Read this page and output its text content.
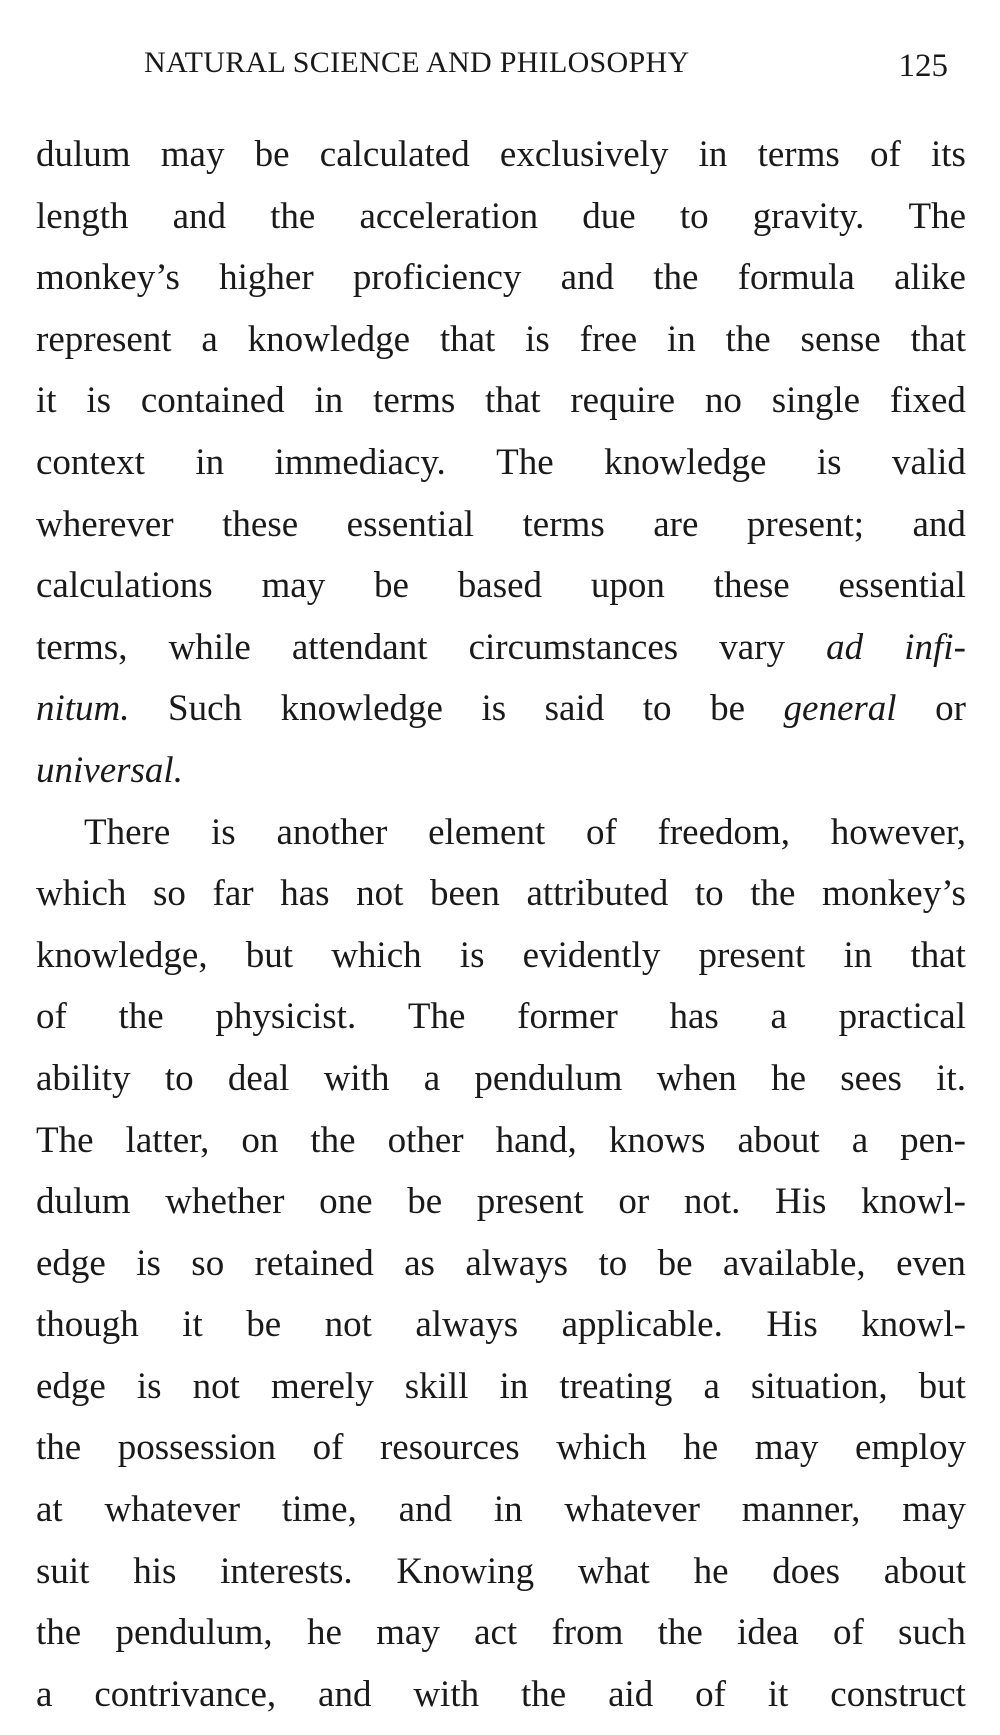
NATURAL SCIENCE AND PHILOSOPHY	125
dulum may be calculated exclusively in terms of its
length and the acceleration due to gravity. The
monkey’s higher proficiency and the formula alike
represent a knowledge that is free in the sense that
it is contained in terms that require no single fixed
context in immediacy. The knowledge is valid
wherever these essential terms are present; and
calculations may be based upon these essential
terms, while attendant circumstances vary ad infi-
nitum. Such knowledge is said to be general or
universal.
There is another element of freedom, however,
which so far has not been attributed to the monkey’s
knowledge, but which is evidently present in that
of the physicist. The former has a practical
ability to deal with a pendulum when he sees it.
The latter, on the other hand, knows about a pen-
dulum whether one be present or not. His knowl-
edge is so retained as always to be available, even
though it be not always applicable. His knowl-
edge is not merely skill in treating a situation, but
the possession of resources which he may employ
at whatever time, and in whatever manner, may
suit his interests. Knowing what he does about
the pendulum, he may act from the idea of such
a contrivance, and with the aid of it construct
